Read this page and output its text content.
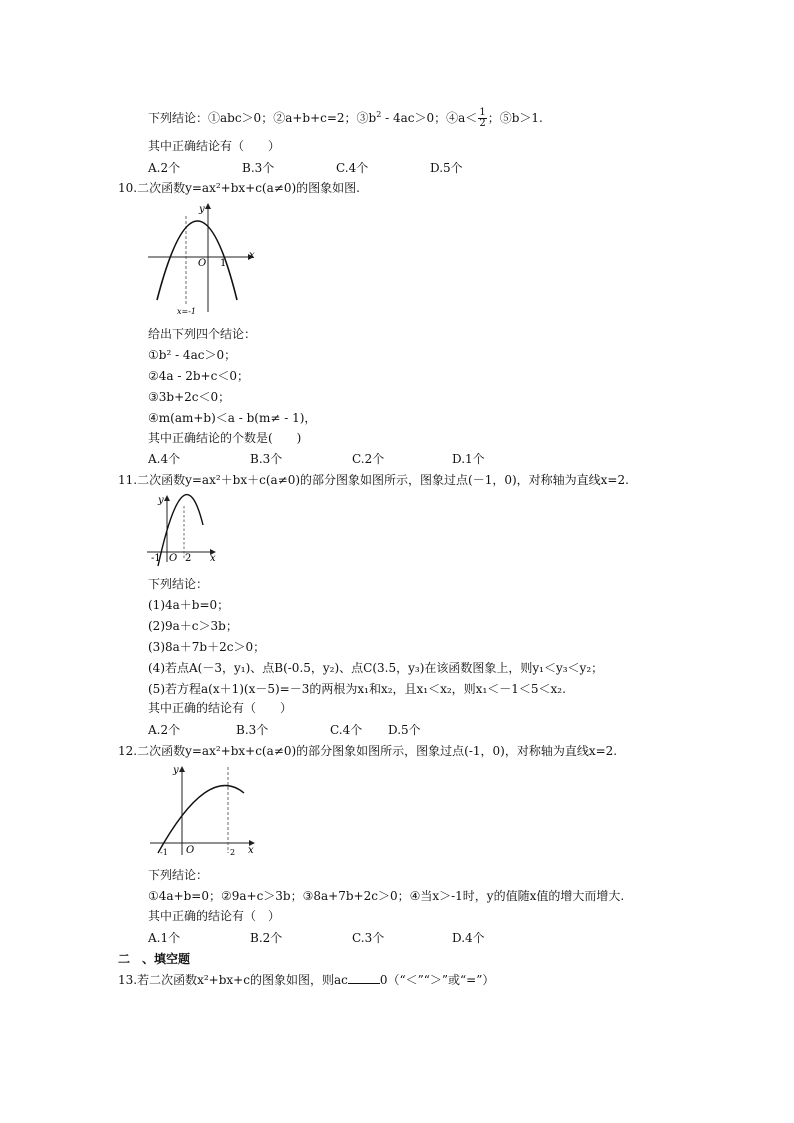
下列结论：①abc＞0；②a+b+c=2；$③b^2 - 4ac>0$；④a＜ $\frac{1}{2}$ ；⑤b＞1.
其中正确结论有（　　）
A.2个	B.3个	C.4个	D.5个
10.二次函数y=ax²+bx+c(a≠0)的图象如图.
y
x
O 1
x=-1
给出下列四个结论：
①b² - 4ac＞0；
②4a - 2b+c＜0；
③3b+2c＜0；
④m(am+b)＜a - b(m≠ - 1)，
其中正确结论的个数是(　　)
A.4个	B.3个	C.2个	D.1个
11.二次函数y=ax²＋bx＋c(a≠0)的部分图象如图所示，图象过点(－1，0)，对称轴为直线x=2.
y
x
-1 O 2
下列结论：
(1)4a＋b=0；
(2)9a＋c＞3b；
(3)8a＋7b＋2c＞0；
(4)若点A(－3，y₁)、点B(-0.5，y₂)、点C(3.5，y₃)在该函数图象上，则y₁＜y₃＜y₂；
(5)若方程a(x＋1)(x－5)=－3的两根为x₁和x₂，且x₁＜x₂，则x₁＜－1＜5＜x₂.
其中正确的结论有（　　）
A.2个	B.3个	C.4个 D.5个
12.二次函数y=ax²+bx+c(a≠0)的部分图象如图所示，图象过点(-1，0)，对称轴为直线x=2.
y
x
-1 O	2
下列结论：
①4a+b=0；②9a+c＞3b；③8a+7b+2c＞0；④当x＞-1时，y的值随x值的增大而增大.
其中正确的结论有（　）
A.1个	B.2个	C.3个	D.4个
二　、填空题
13.若二次函数x²+bx+c的图象如图，则ac	0（“＜”“＞”或“=”）
